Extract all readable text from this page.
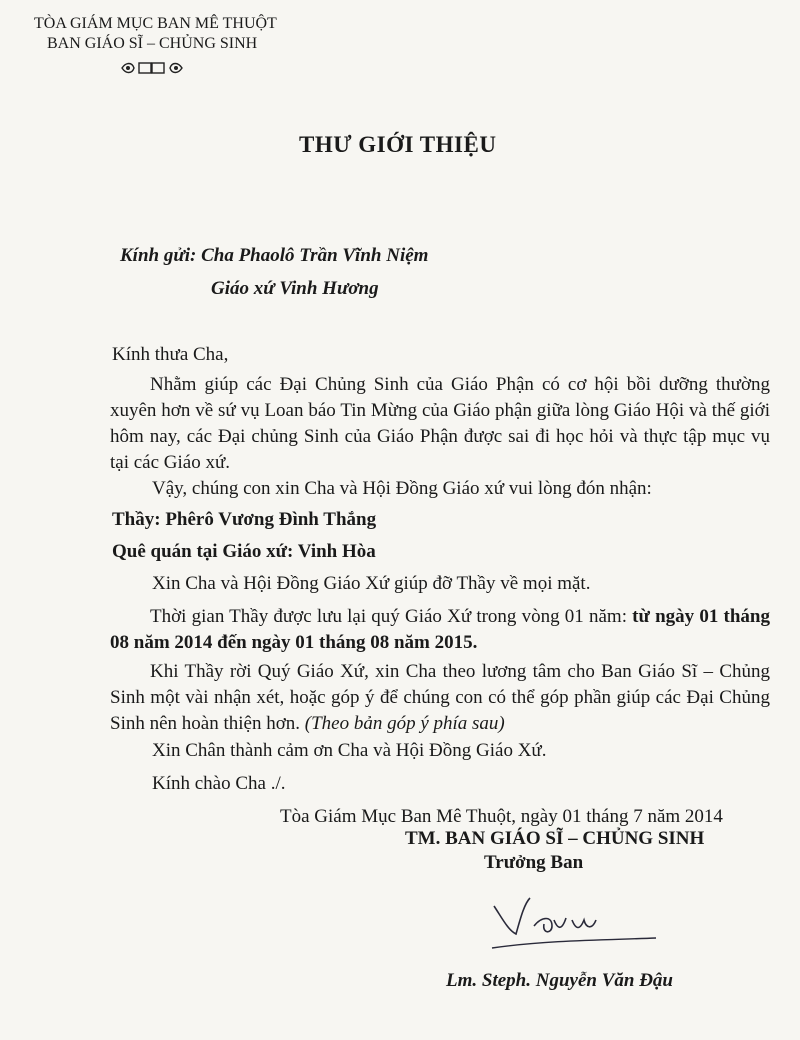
TÒA GIÁM MỤC BAN MÊ THUỘT
BAN GIÁO SĨ – CHỦNG SINH
THƯ GIỚI THIỆU
Kính gửi: Cha Phaolô Trần Vĩnh Niệm
Giáo xứ Vinh Hương
Kính thưa Cha,
Nhằm giúp các Đại Chủng Sinh của Giáo Phận có cơ hội bồi dưỡng thường xuyên hơn về sứ vụ Loan báo Tin Mừng của Giáo phận giữa lòng Giáo Hội và thế giới hôm nay, các Đại chủng Sinh của Giáo Phận được sai đi học hỏi và thực tập mục vụ tại các Giáo xứ.
Vậy, chúng con xin Cha và Hội Đồng Giáo xứ vui lòng đón nhận:
Thầy: Phêrô Vương Đình Thắng
Quê quán tại Giáo xứ: Vinh Hòa
Xin Cha và Hội Đồng Giáo Xứ giúp đỡ Thầy về mọi mặt.
Thời gian Thầy được lưu lại quý Giáo Xứ trong vòng 01 năm: từ ngày 01 tháng 08 năm 2014 đến ngày 01 tháng 08 năm 2015.
Khi Thầy rời Quý Giáo Xứ, xin Cha theo lương tâm cho Ban Giáo Sĩ – Chủng Sinh một vài nhận xét, hoặc góp ý để chúng con có thể góp phần giúp các Đại Chủng Sinh nên hoàn thiện hơn. (Theo bản góp ý phía sau)
Xin Chân thành cảm ơn Cha và Hội Đồng Giáo Xứ.
Kính chào Cha ./.
Tòa Giám Mục Ban Mê Thuột, ngày 01 tháng 7 năm 2014
TM. BAN GIÁO SĨ – CHỦNG SINH
Trưởng Ban
Lm. Steph. Nguyễn Văn Đậu
